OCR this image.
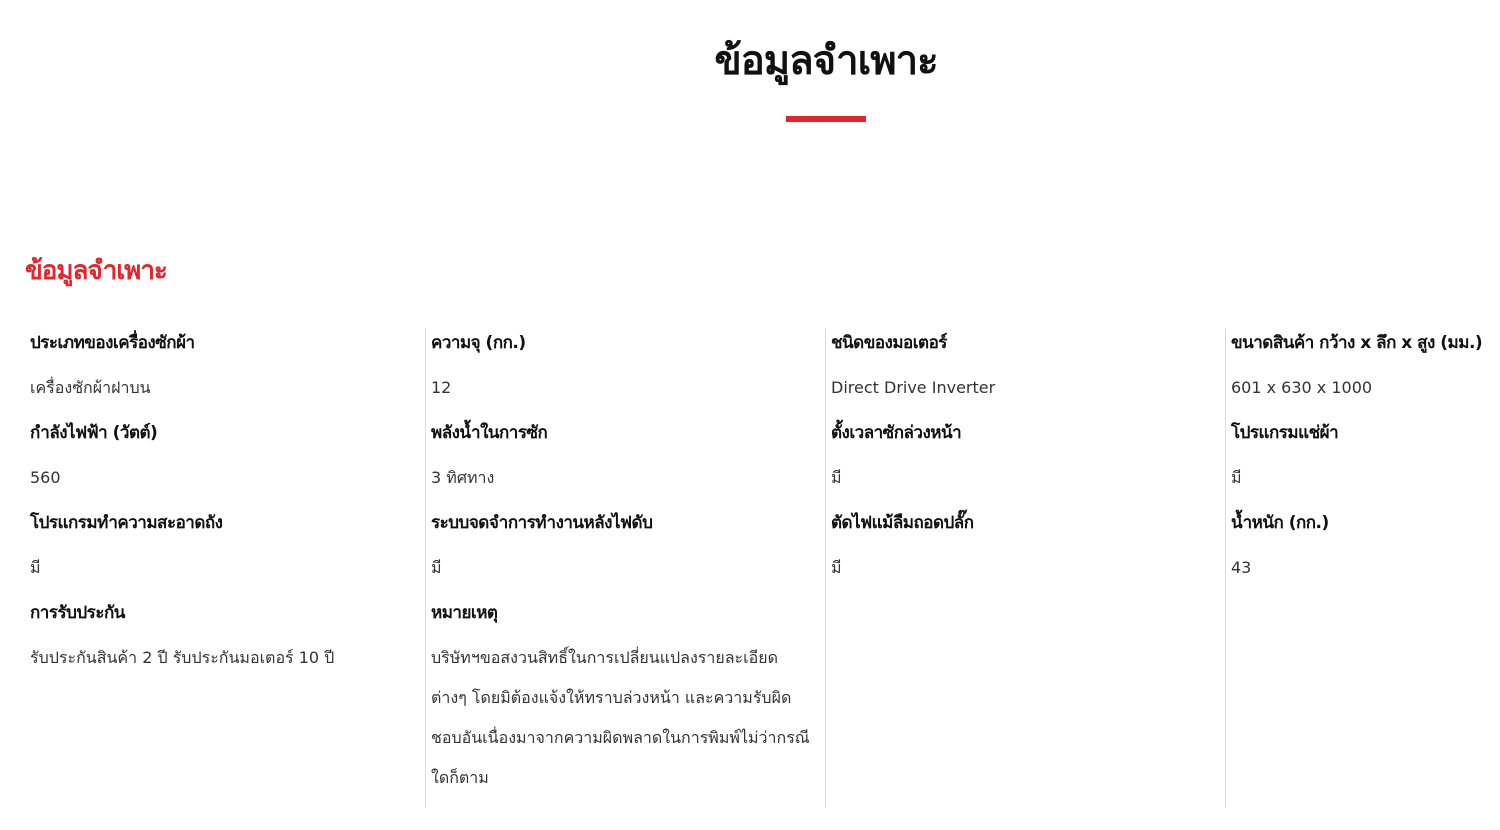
ข้อมูลจำเพาะ
ข้อมูลจำเพาะ
ประเภทของเครื่องซักผ้า
เครื่องซักผ้าฝาบน
กำลังไฟฟ้า (วัตต์)
560
โปรแกรมทำความสะอาดถัง
มี
การรับประกัน
รับประกันสินค้า 2 ปี รับประกันมอเตอร์ 10 ปี
ความจุ (กก.)
12
พลังน้ำในการซัก
3 ทิศทาง
ระบบจดจำการทำงานหลังไฟดับ
มี
หมายเหตุ
บริษัทฯขอสงวนสิทธิ์ในการเปลี่ยนแปลงรายละเอียดต่างๆ โดยมิต้องแจ้งให้ทราบล่วงหน้า และความรับผิดชอบอันเนื่องมาจากความผิดพลาดในการพิมพ์ไม่ว่ากรณีใดก็ตาม
ชนิดของมอเตอร์
Direct Drive Inverter
ตั้งเวลาซักล่วงหน้า
มี
ตัดไฟแม้ลืมถอดปลั๊ก
มี
ขนาดสินค้า กว้าง x ลึก x สูง (มม.)
601 x 630 x 1000
โปรแกรมแช่ผ้า
มี
น้ำหนัก (กก.)
43
